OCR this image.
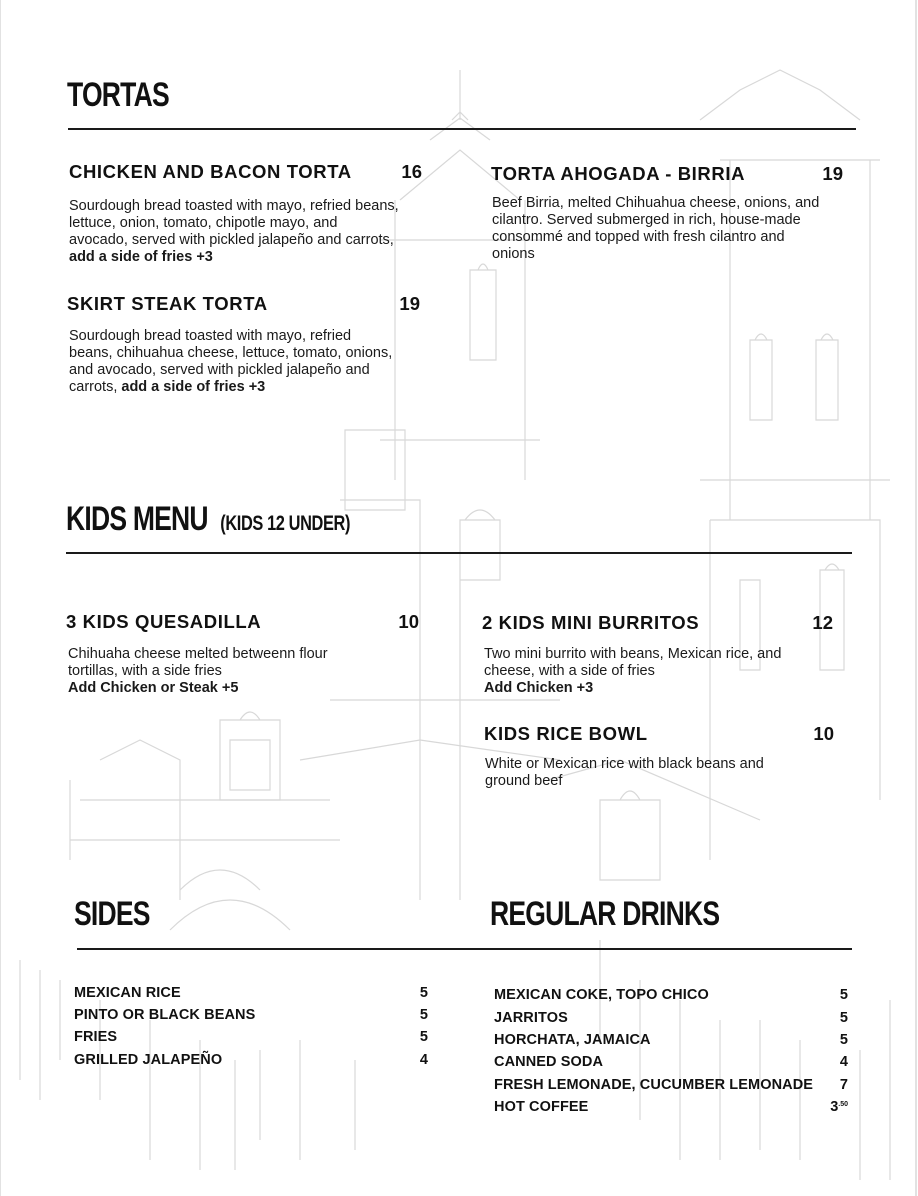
TORTAS
CHICKEN AND BACON TORTA	16
Sourdough bread toasted with mayo, refried beans, lettuce, onion, tomato, chipotle mayo, and avocado, served with pickled jalapeño and carrots, add a side of fries +3
SKIRT STEAK TORTA	19
Sourdough bread toasted with mayo, refried beans, chihuahua cheese, lettuce, tomato, onions, and avocado, served with pickled jalapeño and carrots, add a side of fries +3
TORTA AHOGADA - BIRRIA	19
Beef Birria, melted Chihuahua cheese, onions, and cilantro. Served submerged in rich, house-made consommé and topped with fresh cilantro and onions
KIDS MENU (KIDS 12 UNDER)
3 KIDS QUESADILLA	10
Chihuaha cheese melted betweenn flour tortillas, with a side fries
Add Chicken or Steak +5
2 KIDS MINI BURRITOS	12
Two mini burrito with beans, Mexican rice, and cheese, with a side of fries
Add Chicken +3
KIDS RICE BOWL	10
White or Mexican rice with black beans and ground beef
SIDES
MEXICAN RICE	5
PINTO OR BLACK BEANS	5
FRIES	5
GRILLED JALAPEÑO	4
REGULAR DRINKS
MEXICAN COKE, TOPO CHICO	5
JARRITOS	5
HORCHATA, JAMAICA	5
CANNED SODA	4
FRESH LEMONADE, CUCUMBER LEMONADE 7
HOT COFFEE	$3^{.50}$
